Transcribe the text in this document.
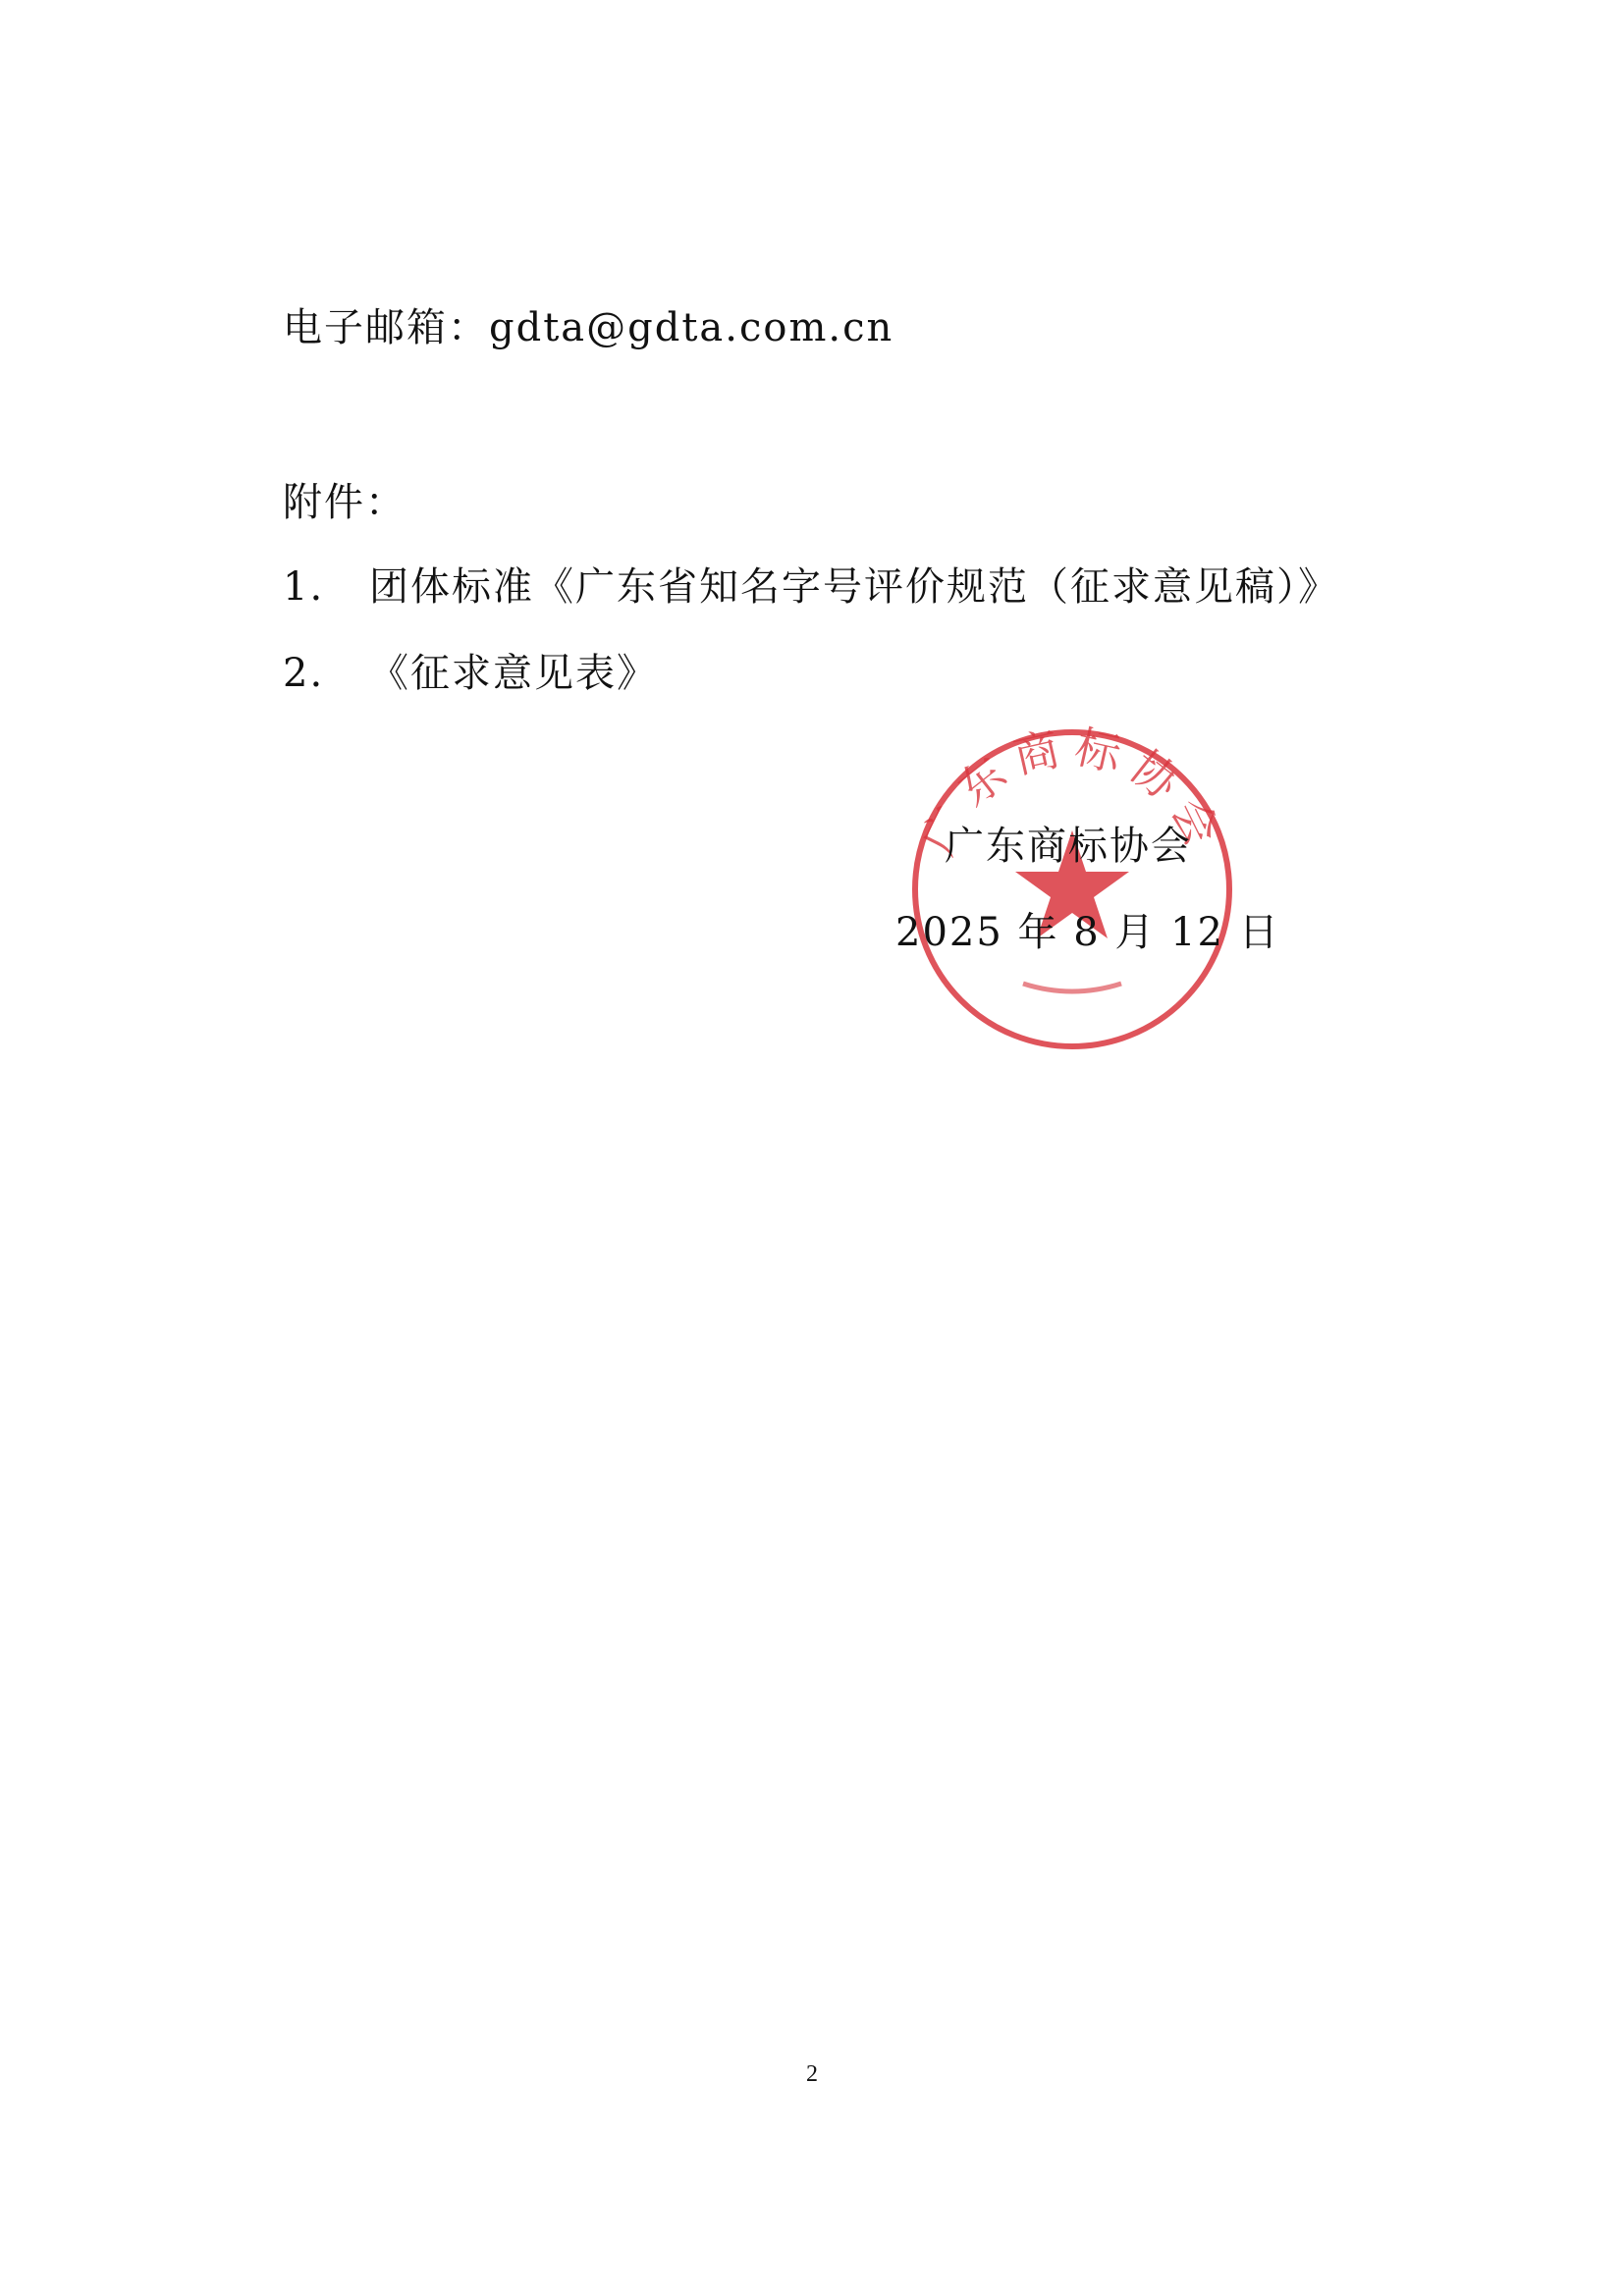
电子邮箱：gdta@gdta.com.cn
附件：
1. 团体标准《广东省知名字号评价规范（征求意见稿）》
2. 《征求意见表》
广东商标协会
广东商标协会
2025 年 8 月 12 日
2
